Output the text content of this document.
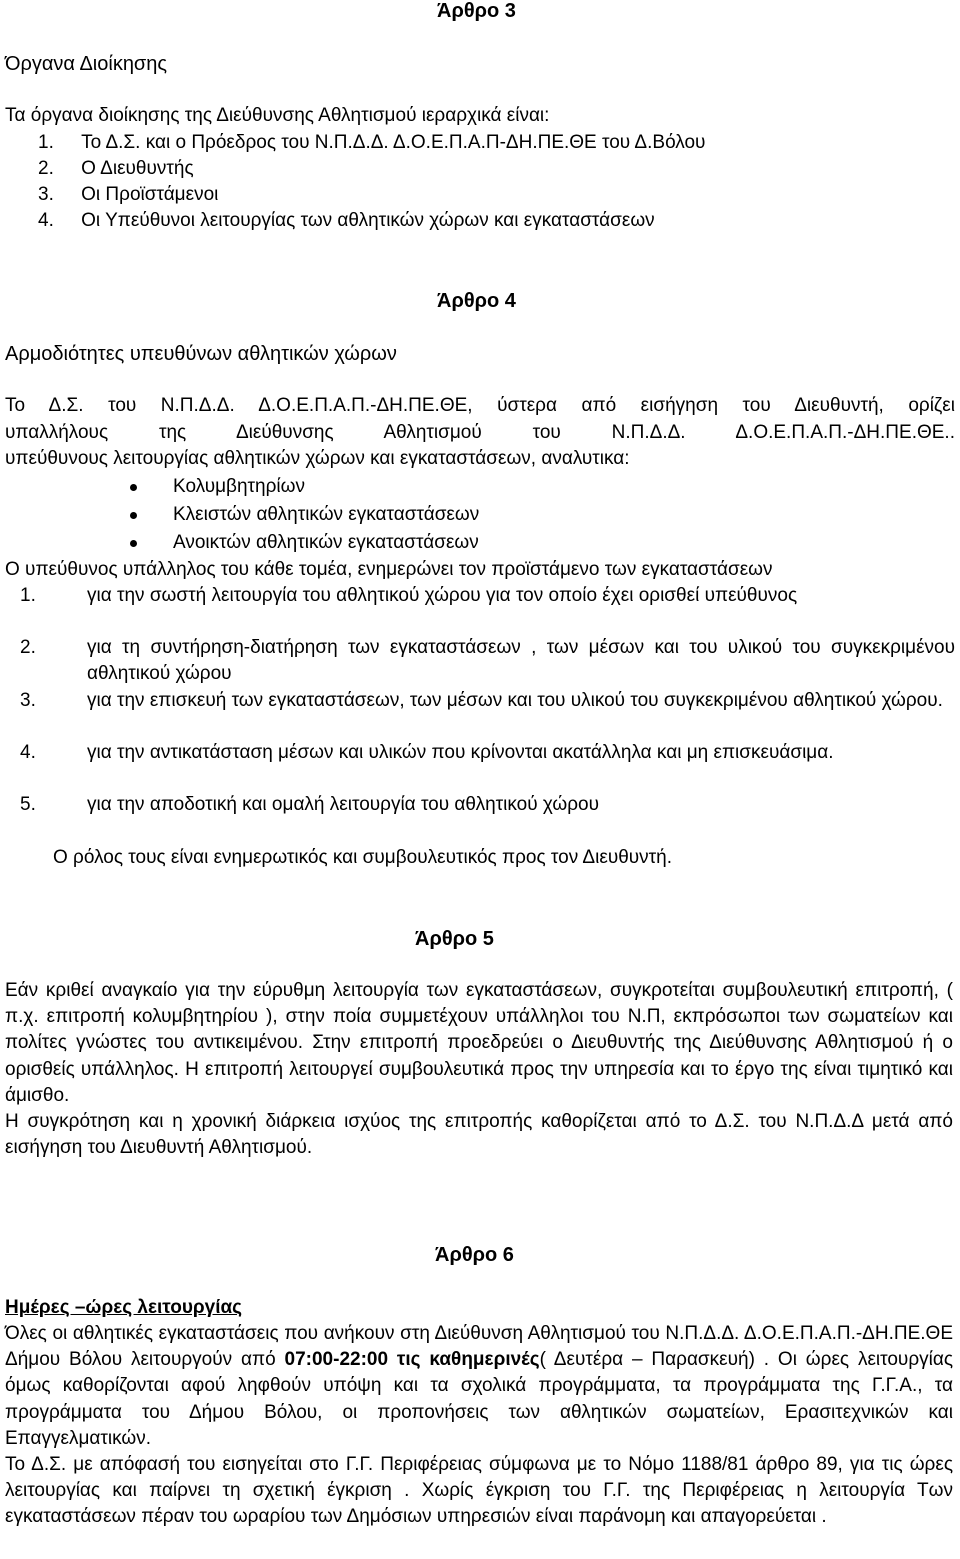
Άρθρο 3
Όργανα Διοίκησης
Τα όργανα διοίκησης της Διεύθυνσης Αθλητισμού ιεραρχικά είναι:
1. Το Δ.Σ. και ο Πρόεδρος του Ν.Π.Δ.Δ. Δ.Ο.Ε.Π.Α.Π-ΔΗ.ΠΕ.ΘΕ του Δ.Βόλου
2. Ο Διευθυντής
3. Οι Προϊστάμενοι
4. Οι Υπεύθυνοι λειτουργίας των αθλητικών χώρων και εγκαταστάσεων
Άρθρο 4
Αρμοδιότητες υπευθύνων αθλητικών χώρων
Το Δ.Σ. του Ν.Π.Δ.Δ. Δ.Ο.Ε.Π.Α.Π.-ΔΗ.ΠΕ.ΘΕ, ύστερα από εισήγηση του Διευθυντή, ορίζει
υπαλλήλους της Διεύθυνσης Αθλητισμού του Ν.Π.Δ.Δ. Δ.Ο.Ε.Π.Α.Π.-ΔΗ.ΠΕ.ΘΕ..
υπεύθυνους λειτουργίας αθλητικών χώρων και εγκαταστάσεων, αναλυτικα:
Κολυμβητηρίων
Κλειστών αθλητικών εγκαταστάσεων
Ανοικτών αθλητικών εγκαταστάσεων
Ο υπεύθυνος υπάλληλος του κάθε τομέα, ενημερώνει τον προϊστάμενο των εγκαταστάσεων
1.	για την σωστή λειτουργία του αθλητικού χώρου για τον οποίο έχει ορισθεί υπεύθυνος
2.	για τη συντήρηση-διατήρηση των εγκαταστάσεων , των μέσων και του υλικού του συγκεκριμένου αθλητικού χώρου
3.	για την επισκευή των εγκαταστάσεων, των μέσων και του υλικού του συγκεκριμένου αθλητικού χώρου.
4.	για την αντικατάσταση μέσων και υλικών που κρίνονται ακατάλληλα και μη επισκευάσιμα.
5.	για την αποδοτική και ομαλή λειτουργία του αθλητικού χώρου
Ο ρόλος τους είναι ενημερωτικός και συμβουλευτικός προς τον Διευθυντή.
Άρθρο 5

Εάν κριθεί αναγκαίο για την εύρυθμη λειτουργία των εγκαταστάσεων, συγκροτείται συμβουλευτική επιτροπή, ( π.χ. επιτροπή κολυμβητηρίου ), στην ποία συμμετέχουν υπάλληλοι του Ν.Π, εκπρόσωποι των σωματείων και πολίτες γνώστες του αντικειμένου. Στην επιτροπή προεδρεύει ο Διευθυντής της Διεύθυνσης Αθλητισμού ή ο ορισθείς υπάλληλος. Η επιτροπή λειτουργεί συμβουλευτικά προς την υπηρεσία και το έργο της είναι τιμητικό και άμισθο.

Η συγκρότηση και η χρονική διάρκεια ισχύος της επιτροπής καθορίζεται από το Δ.Σ. του Ν.Π.Δ.Δ μετά από εισήγηση του Διευθυντή Αθλητισμού.

Άρθρο 6
Ημέρες –ώρες λειτουργίας

Όλες οι αθλητικές εγκαταστάσεις που ανήκουν στη Διεύθυνση Αθλητισμού του Ν.Π.Δ.Δ. Δ.Ο.Ε.Π.Α.Π.-ΔΗ.ΠΕ.ΘΕ Δήμου Βόλου λειτουργούν από 07:00-22:00 τις καθημερινές( Δευτέρα – Παρασκευή) . Οι ώρες λειτουργίας όμως καθορίζονται αφού ληφθούν υπόψη και τα σχολικά προγράμματα, τα προγράμματα της Γ.Γ.Α., τα προγράμματα του Δήμου Βόλου, οι προπονήσεις των αθλητικών σωματείων, Ερασιτεχνικών και Επαγγελματικών.

Το Δ.Σ. με απόφασή του εισηγείται στο Γ.Γ. Περιφέρειας σύμφωνα με το Νόμο 1188/81 άρθρο 89, για τις ώρες λειτουργίας και παίρνει τη σχετική έγκριση . Χωρίς έγκριση του Γ.Γ. της Περιφέρειας η λειτουργία Των εγκαταστάσεων πέραν του ωραρίου των Δημόσιων υπηρεσιών είναι παράνομη και απαγορεύεται .
